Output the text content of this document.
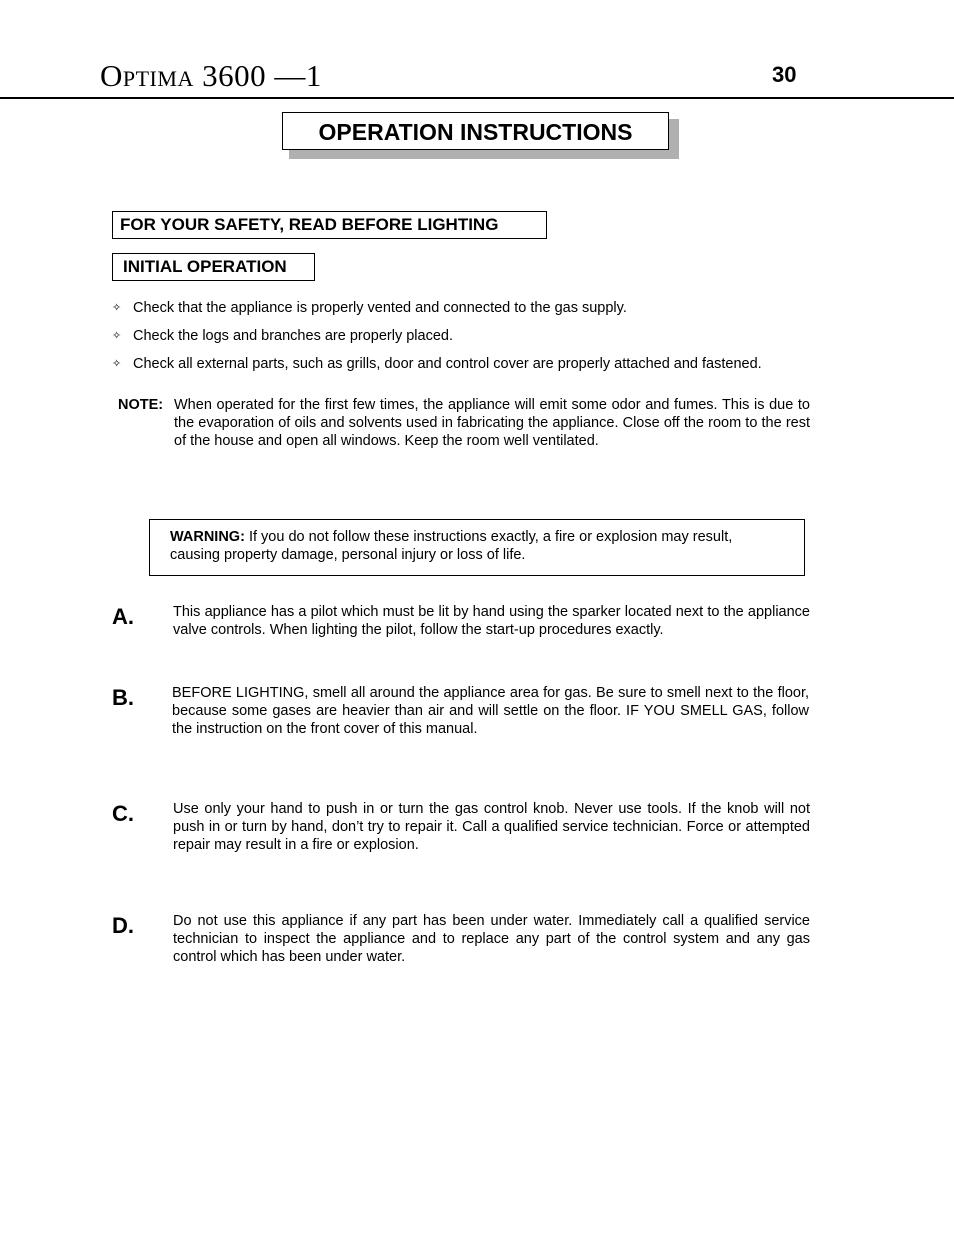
Optima 3600 —1	30
OPERATION INSTRUCTIONS
FOR YOUR SAFETY, READ BEFORE LIGHTING
INITIAL OPERATION
✧ Check that the appliance is properly vented and connected to the gas supply.
✧ Check the logs and branches are properly placed.
✧ Check all external parts, such as grills, door and control cover are properly attached and fastened.
NOTE: When operated for the first few times, the appliance will emit some odor and fumes. This is due to the evaporation of oils and solvents used in fabricating the appliance. Close off the room to the rest of the house and open all windows. Keep the room well ventilated.
WARNING: If you do not follow these instructions exactly, a fire or explosion may result, causing property damage, personal injury or loss of life.
A.	This appliance has a pilot which must be lit by hand using the sparker located next to the appliance valve controls. When lighting the pilot, follow the start-up procedures exactly.
B.	BEFORE LIGHTING, smell all around the appliance area for gas. Be sure to smell next to the floor, because some gases are heavier than air and will settle on the floor. IF YOU SMELL GAS, follow the instruction on the front cover of this manual.
C.	Use only your hand to push in or turn the gas control knob. Never use tools. If the knob will not push in or turn by hand, don’t try to repair it. Call a qualified service technician. Force or attempted repair may result in a fire or explosion.
D.	Do not use this appliance if any part has been under water. Immediately call a qualified service technician to inspect the appliance and to replace any part of the control system and any gas control which has been under water.
